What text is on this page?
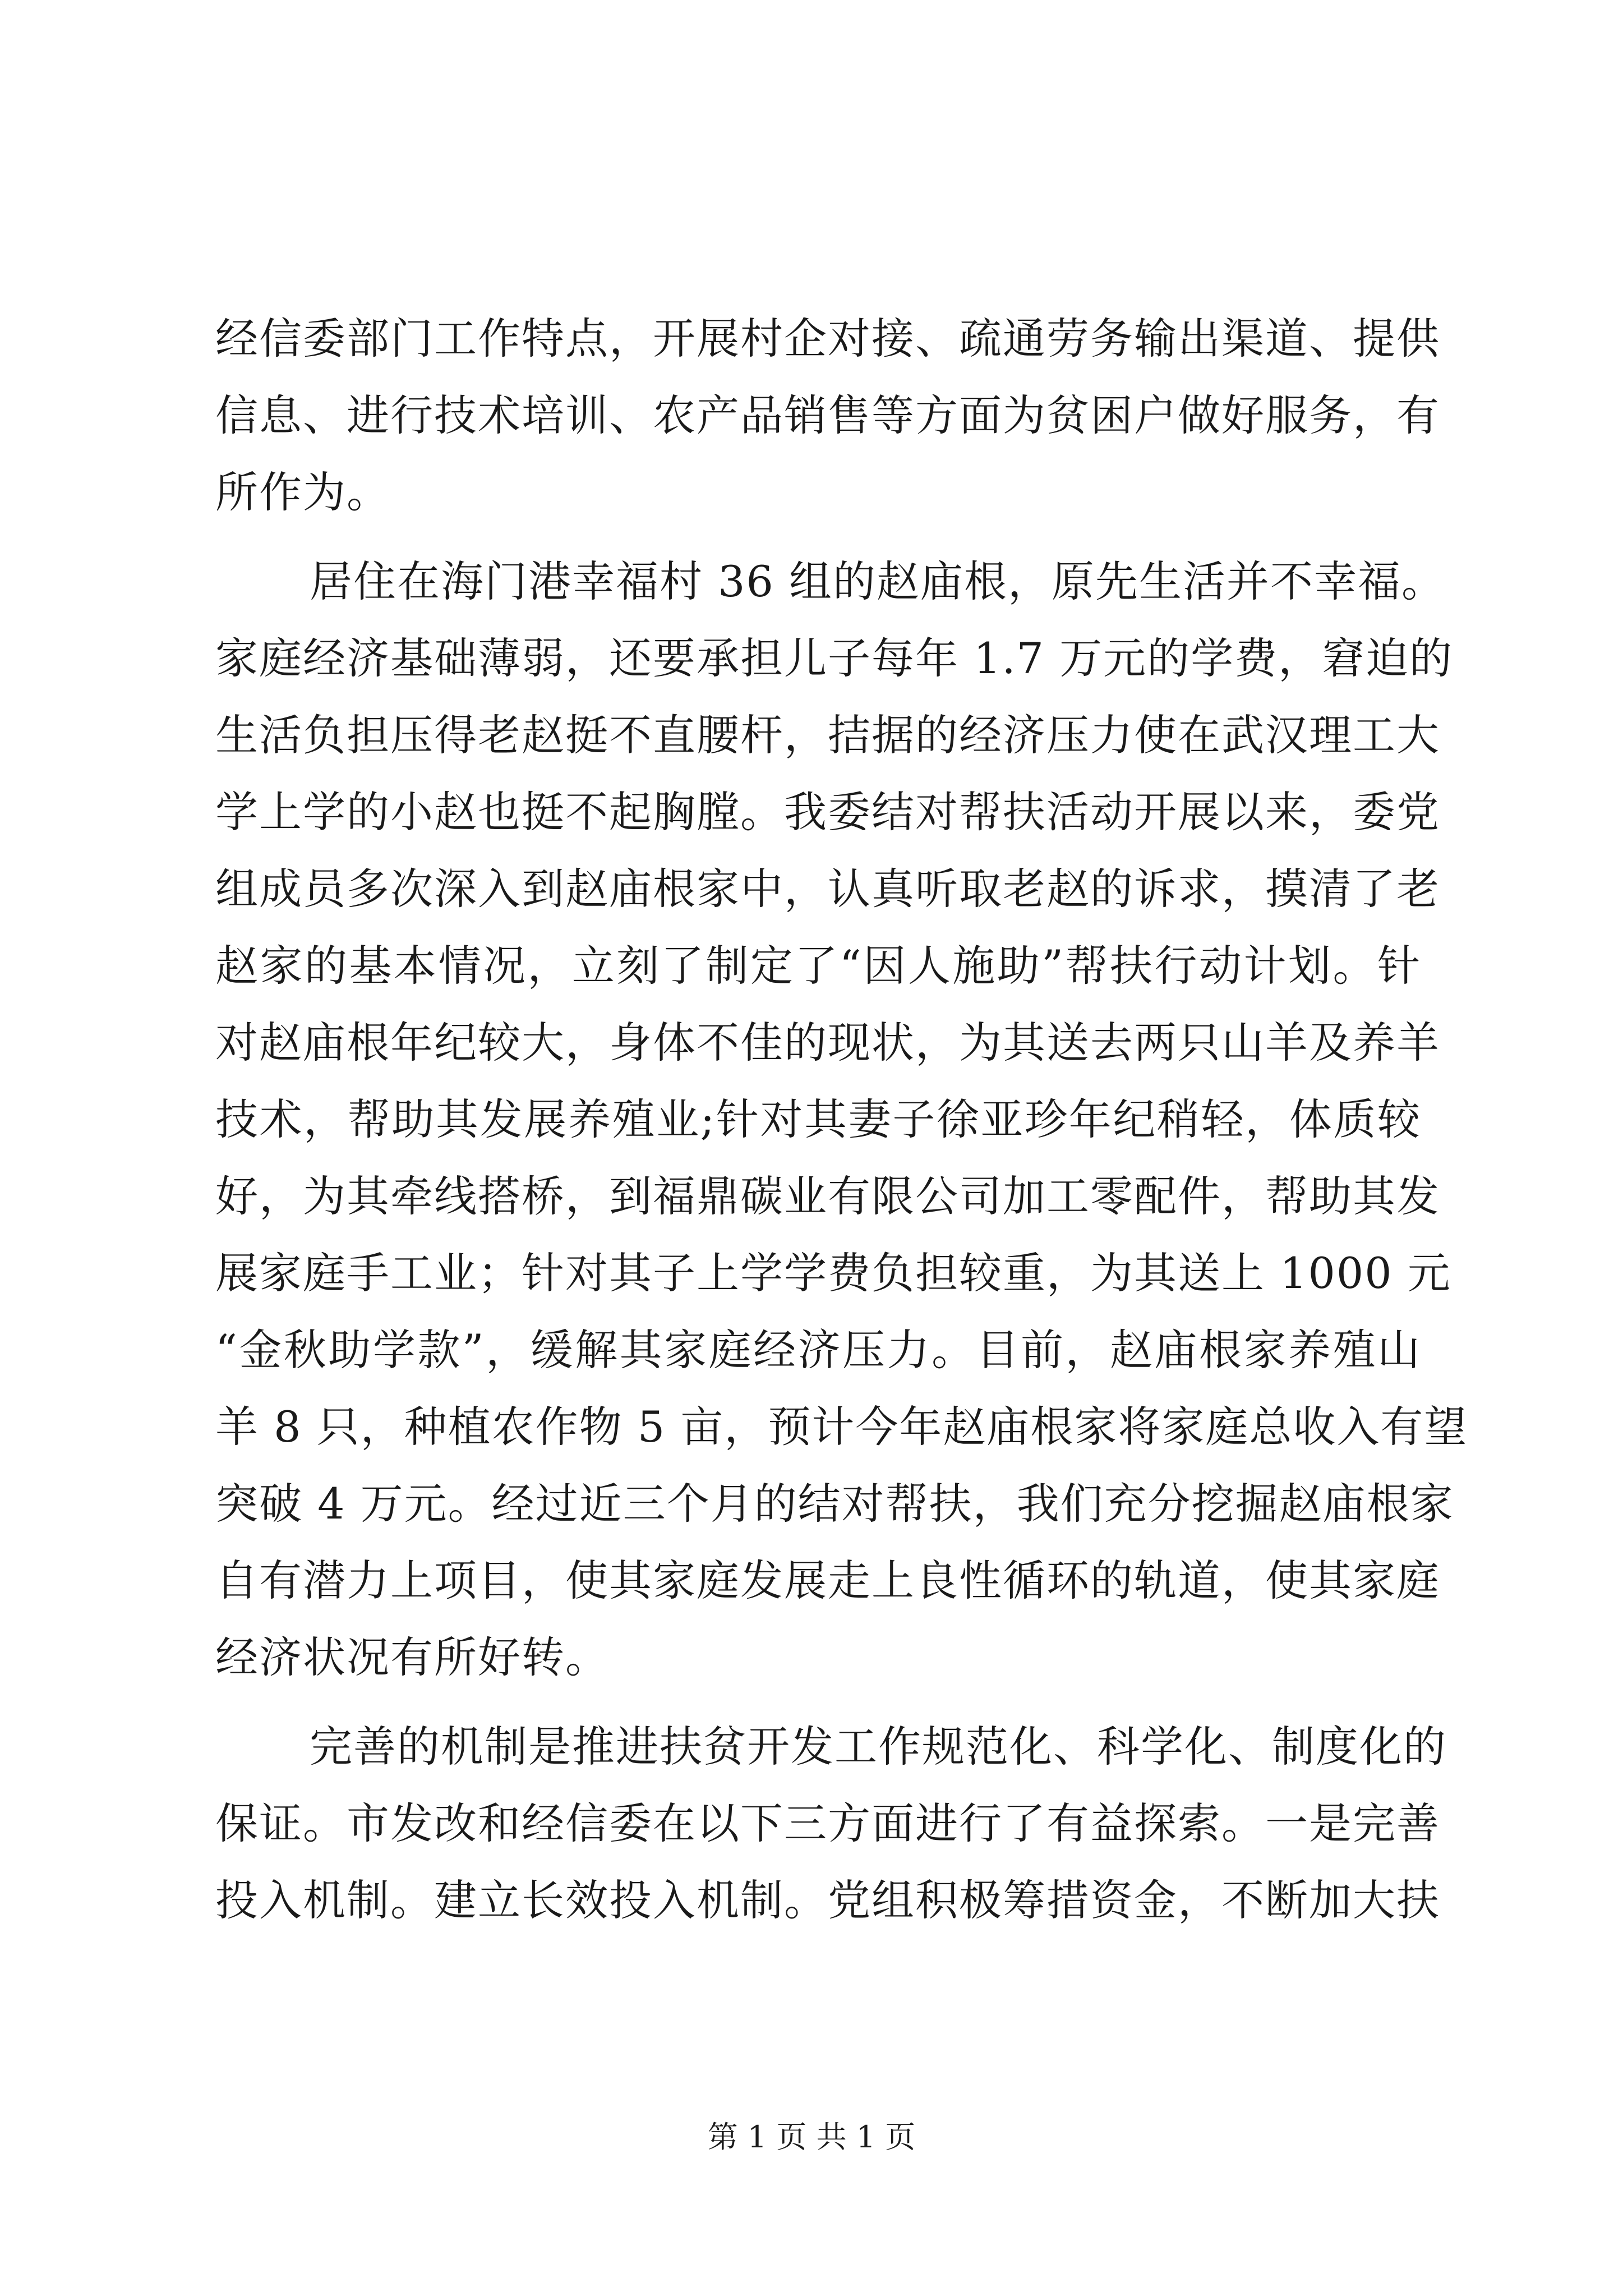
经信委部门工作特点，开展村企对接、疏通劳务输出渠道、提供
信息、进行技术培训、农产品销售等方面为贫困户做好服务，有
所作为。
居住在海门港幸福村 36 组的赵庙根，原先生活并不幸福。
家庭经济基础薄弱，还要承担儿子每年 1.7 万元的学费，窘迫的
生活负担压得老赵挺不直腰杆，拮据的经济压力使在武汉理工大
学上学的小赵也挺不起胸膛。我委结对帮扶活动开展以来，委党
组成员多次深入到赵庙根家中，认真听取老赵的诉求，摸清了老
赵家的基本情况，立刻了制定了“因人施助”帮扶行动计划。针
对赵庙根年纪较大，身体不佳的现状，为其送去两只山羊及养羊
技术，帮助其发展养殖业;针对其妻子徐亚珍年纪稍轻，体质较
好，为其牵线搭桥，到福鼎碳业有限公司加工零配件，帮助其发
展家庭手工业；针对其子上学学费负担较重，为其送上 1000 元
“金秋助学款”，缓解其家庭经济压力。目前，赵庙根家养殖山
羊 8 只，种植农作物 5 亩，预计今年赵庙根家将家庭总收入有望
突破 4 万元。经过近三个月的结对帮扶，我们充分挖掘赵庙根家
自有潜力上项目，使其家庭发展走上良性循环的轨道，使其家庭
经济状况有所好转。
完善的机制是推进扶贫开发工作规范化、科学化、制度化的
保证。市发改和经信委在以下三方面进行了有益探索。一是完善
投入机制。建立长效投入机制。党组积极筹措资金，不断加大扶
第 1 页 共 1 页
